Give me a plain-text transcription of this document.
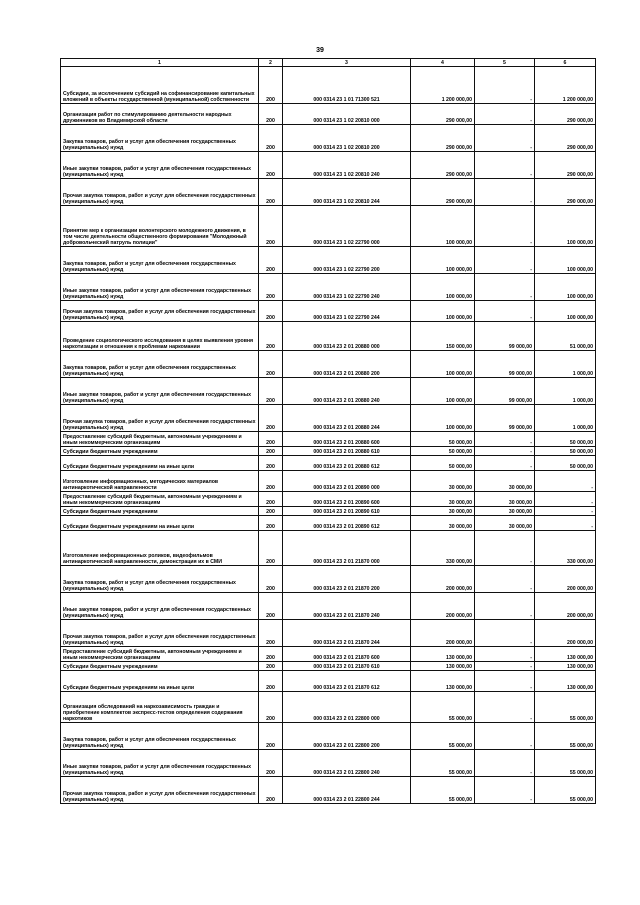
39
1	2	3	4	5	6
Субсидии, за исключением субсидий на софинансирование капитальных вложений в объекты государственной (муниципальной) собственности	200	000 0314 23 1 01 71300 521	1 200 000,00	-	1 200 000,00
Организация работ по стимулированию деятельности народных дружинников во Владимирской области	200	000 0314 23 1 02 20810 000	290 000,00	-	290 000,00
Закупка товаров, работ и услуг для обеспечения государственных (муниципальных) нужд	200	000 0314 23 1 02 20810 200	290 000,00	-	290 000,00
Иные закупки товаров, работ и услуг для обеспечения государственных (муниципальных) нужд	200	000 0314 23 1 02 20810 240	290 000,00	-	290 000,00
Прочая закупка товаров, работ и услуг для обеспечения государственных (муниципальных) нужд	200	000 0314 23 1 02 20810 244	290 000,00	-	290 000,00
Принятие мер к организации волонтерского молодежного движения, в том числе деятельности общественного формирования "Молодежный добровольческий патруль полиции"	200	000 0314 23 1 02 22790 000	100 000,00	-	100 000,00
Закупка товаров, работ и услуг для обеспечения государственных (муниципальных) нужд	200	000 0314 23 1 02 22790 200	100 000,00	-	100 000,00
Иные закупки товаров, работ и услуг для обеспечения государственных (муниципальных) нужд	200	000 0314 23 1 02 22790 240	100 000,00	-	100 000,00
Прочая закупка товаров, работ и услуг для обеспечения государственных (муниципальных) нужд	200	000 0314 23 1 02 22790 244	100 000,00	-	100 000,00
Проведение социологического исследования в целях выявления уровня наркотизации и отношения к проблемам наркомании	200	000 0314 23 2 01 20880 000	150 000,00	99 000,00	51 000,00
Закупка товаров, работ и услуг для обеспечения государственных (муниципальных) нужд	200	000 0314 23 2 01 20880 200	100 000,00	99 000,00	1 000,00
Иные закупки товаров, работ и услуг для обеспечения государственных (муниципальных) нужд	200	000 0314 23 2 01 20880 240	100 000,00	99 000,00	1 000,00
Прочая закупка товаров, работ и услуг для обеспечения государственных (муниципальных) нужд	200	000 0314 23 2 01 20880 244	100 000,00	99 000,00	1 000,00
Предоставление субсидий бюджетным, автономным учреждениям и иным некоммерческим организациям	200	000 0314 23 2 01 20880 600	50 000,00	-	50 000,00
Субсидии бюджетным учреждениям	200	000 0314 23 2 01 20880 610	50 000,00	-	50 000,00
Субсидии бюджетным учреждениям на иные цели	200	000 0314 23 2 01 20880 612	50 000,00	-	50 000,00
Изготовление информационных, методических материалов антинаркотической направленности	200	000 0314 23 2 01 20890 000	30 000,00	30 000,00	-
Предоставление субсидий бюджетным, автономным учреждениям и иным некоммерческим организациям	200	000 0314 23 2 01 20890 600	30 000,00	30 000,00	-
Субсидии бюджетным учреждениям	200	000 0314 23 2 01 20890 610	30 000,00	30 000,00	-
Субсидии бюджетным учреждениям на иные цели	200	000 0314 23 2 01 20890 612	30 000,00	30 000,00	-
Изготовление информационных роликов, видеофильмов антинаркотической направленности, демонстрация их в СМИ	200	000 0314 23 2 01 21870 000	330 000,00	-	330 000,00
Закупка товаров, работ и услуг для обеспечения государственных (муниципальных) нужд	200	000 0314 23 2 01 21870 200	200 000,00	-	200 000,00
Иные закупки товаров, работ и услуг для обеспечения государственных (муниципальных) нужд	200	000 0314 23 2 01 21870 240	200 000,00	-	200 000,00
Прочая закупка товаров, работ и услуг для обеспечения государственных (муниципальных) нужд	200	000 0314 23 2 01 21870 244	200 000,00	-	200 000,00
Предоставление субсидий бюджетным, автономным учреждениям и иным некоммерческим организациям	200	000 0314 23 2 01 21870 600	130 000,00	-	130 000,00
Субсидии бюджетным учреждениям	200	000 0314 23 2 01 21870 610	130 000,00	-	130 000,00
Субсидии бюджетным учреждениям на иные цели	200	000 0314 23 2 01 21870 612	130 000,00	-	130 000,00
Организация обследований на наркозависимость граждан и приобретение комплектов экспресс-тестов определения содержания наркотиков	200	000 0314 23 2 01 22800 000	55 000,00	-	55 000,00
Закупка товаров, работ и услуг для обеспечения государственных (муниципальных) нужд	200	000 0314 23 2 01 22800 200	55 000,00	-	55 000,00
Иные закупки товаров, работ и услуг для обеспечения государственных (муниципальных) нужд	200	000 0314 23 2 01 22800 240	55 000,00	-	55 000,00
Прочая закупка товаров, работ и услуг для обеспечения государственных (муниципальных) нужд	200	000 0314 23 2 01 22800 244	55 000,00	-	55 000,00
